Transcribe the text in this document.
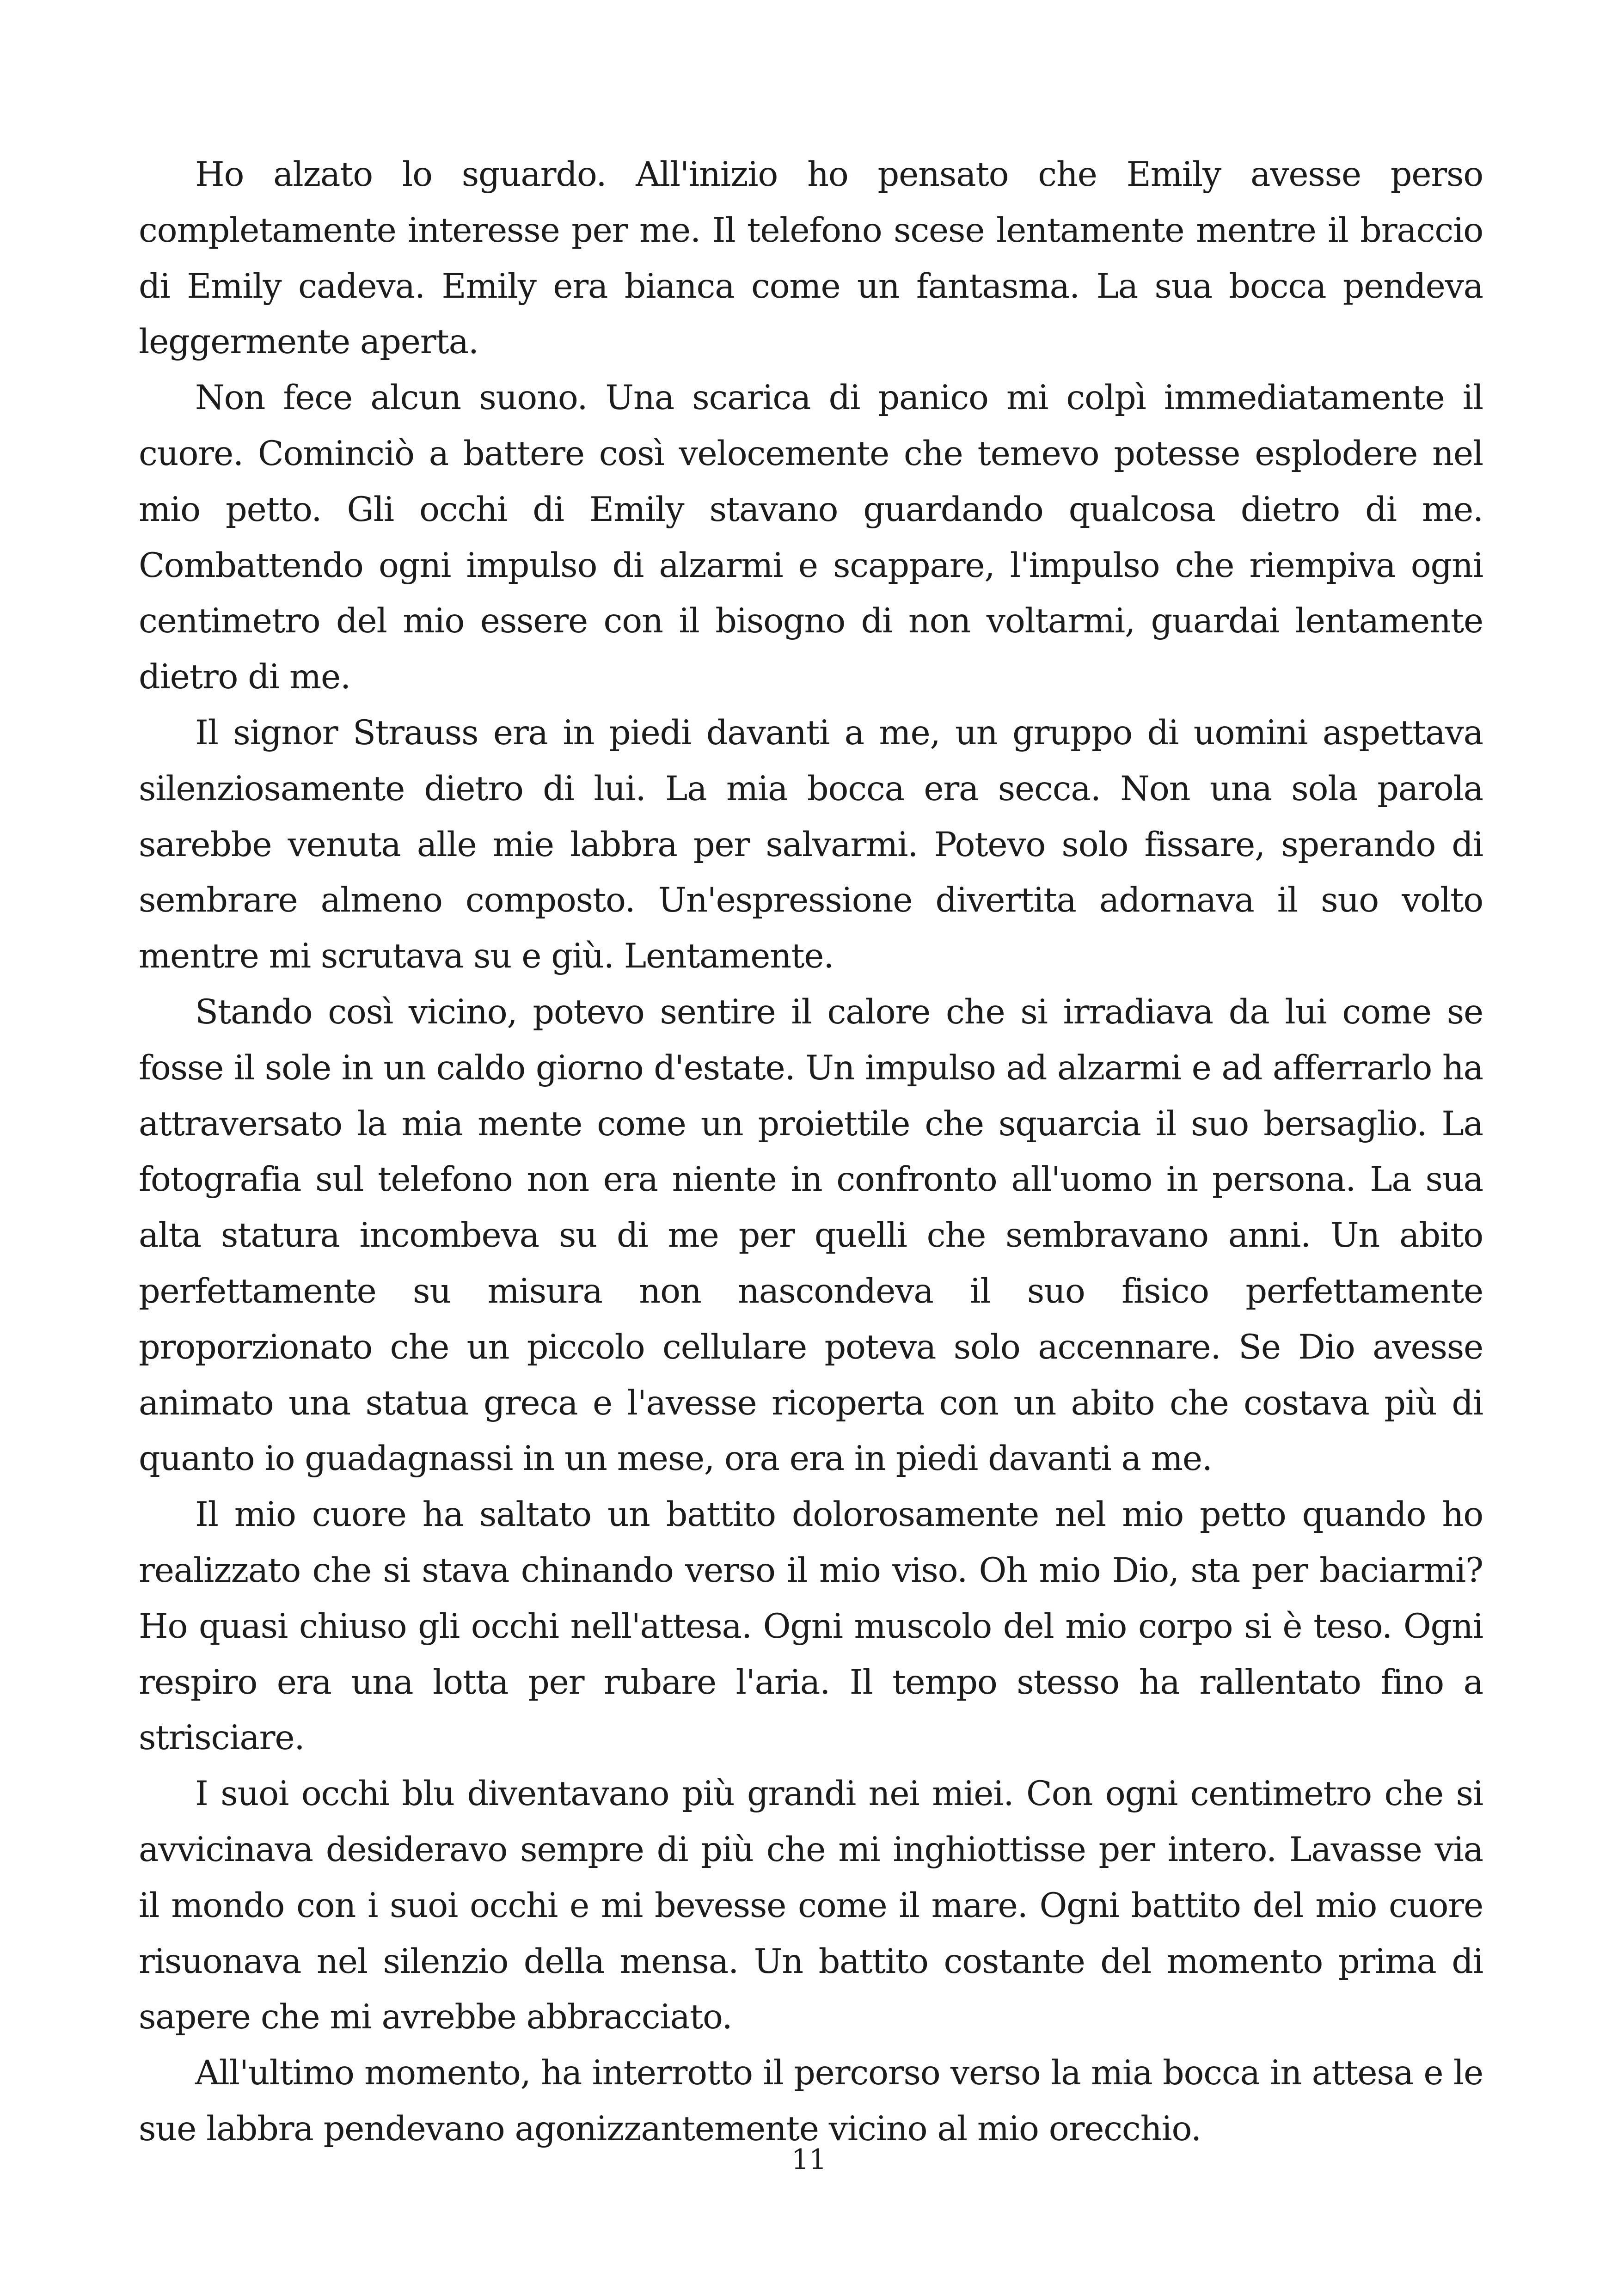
Ho alzato lo sguardo. All'inizio ho pensato che Emily avesse perso completamente interesse per me. Il telefono scese lentamente mentre il braccio di Emily cadeva. Emily era bianca come un fantasma. La sua bocca pendeva leggermente aperta.

Non fece alcun suono. Una scarica di panico mi colpì immediatamente il cuore. Cominciò a battere così velocemente che temevo potesse esplodere nel mio petto. Gli occhi di Emily stavano guardando qualcosa dietro di me. Combattendo ogni impulso di alzarmi e scappare, l'impulso che riempiva ogni centimetro del mio essere con il bisogno di non voltarmi, guardai lentamente dietro di me.

Il signor Strauss era in piedi davanti a me, un gruppo di uomini aspettava silenziosamente dietro di lui. La mia bocca era secca. Non una sola parola sarebbe venuta alle mie labbra per salvarmi. Potevo solo fissare, sperando di sembrare almeno composto. Un'espressione divertita adornava il suo volto mentre mi scrutava su e giù. Lentamente.

Stando così vicino, potevo sentire il calore che si irradiava da lui come se fosse il sole in un caldo giorno d'estate. Un impulso ad alzarmi e ad afferrarlo ha attraversato la mia mente come un proiettile che squarcia il suo bersaglio. La fotografia sul telefono non era niente in confronto all'uomo in persona. La sua alta statura incombeva su di me per quelli che sembravano anni. Un abito perfettamente su misura non nascondeva il suo fisico perfettamente proporzionato che un piccolo cellulare poteva solo accennare. Se Dio avesse animato una statua greca e l'avesse ricoperta con un abito che costava più di quanto io guadagnassi in un mese, ora era in piedi davanti a me.

Il mio cuore ha saltato un battito dolorosamente nel mio petto quando ho realizzato che si stava chinando verso il mio viso. Oh mio Dio, sta per baciarmi? Ho quasi chiuso gli occhi nell'attesa. Ogni muscolo del mio corpo si è teso. Ogni respiro era una lotta per rubare l'aria. Il tempo stesso ha rallentato fino a strisciare.

I suoi occhi blu diventavano più grandi nei miei. Con ogni centimetro che si avvicinava desideravo sempre di più che mi inghiottisse per intero. Lavasse via il mondo con i suoi occhi e mi bevesse come il mare. Ogni battito del mio cuore risuonava nel silenzio della mensa. Un battito costante del momento prima di sapere che mi avrebbe abbracciato.

All'ultimo momento, ha interrotto il percorso verso la mia bocca in attesa e le sue labbra pendevano agonizzantemente vicino al mio orecchio.

11
